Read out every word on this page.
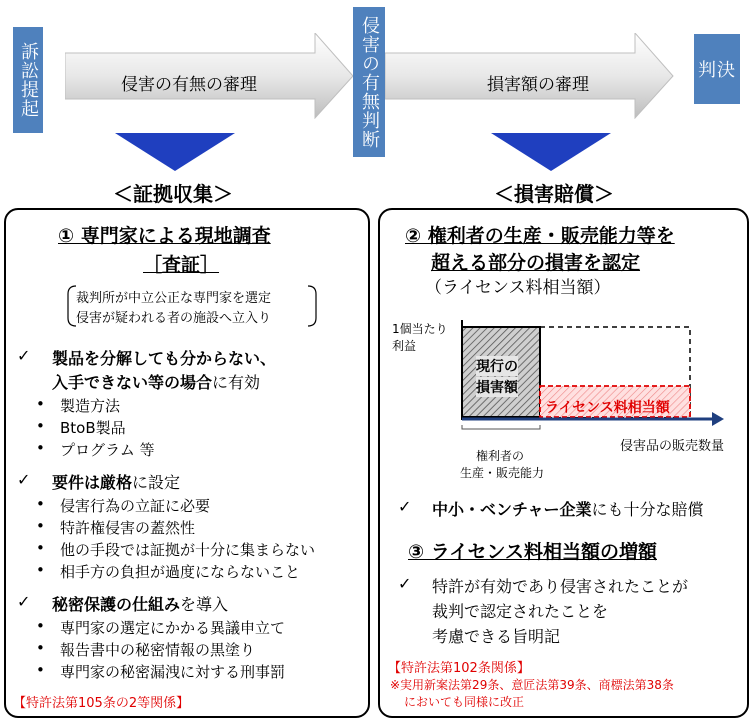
訴訟提起	侵害の有無の審理	侵害の有無判断	損害額の審理
判決
＜証拠収集＞	＜損害賠償＞
① 専門家による現地調査
［査証］
裁判所が中立公正な専門家を選定
侵害が疑われる者の施設へ立入り
✓ 製品を分解しても分からない、
入手できない等の場合に有効
• 製造方法
• BtoB製品
• プログラム 等
✓ 要件は厳格に設定
• 侵害行為の立証に必要
• 特許権侵害の蓋然性
• 他の手段では証拠が十分に集まらない
• 相手方の負担が過度にならないこと
✓ 秘密保護の仕組みを導入
• 専門家の選定にかかる異議申立て
• 報告書中の秘密情報の黒塗り
• 専門家の秘密漏洩に対する刑事罰
【特許法第105条の2等関係】
② 権利者の生産・販売能力等を
超える部分の損害を認定
（ライセンス料相当額）
1個当たり
利益
現行の
損害額
ライセンス料相当額
侵害品の販売数量
権利者の
生産・販売能力
✓ 中小・ベンチャー企業にも十分な賠償
③ ライセンス料相当額の増額
✓ 特許が有効であり侵害されたことが
裁判で認定されたことを
考慮できる旨明記
【特許法第102条関係】
※実用新案法第29条、意匠法第39条、商標法第38条
においても同様に改正
